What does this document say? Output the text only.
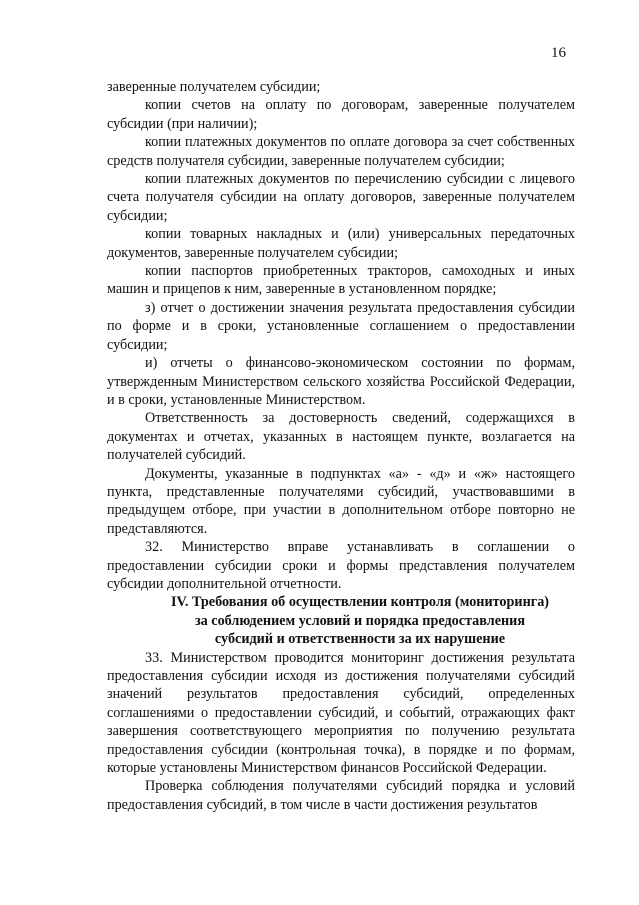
16

заверенные получателем субсидии;

копии счетов на оплату по договорам, заверенные получателем субсидии (при наличии);

копии платежных документов по оплате договора за счет собственных средств получателя субсидии, заверенные получателем субсидии;

копии платежных документов по перечислению субсидии с лицевого счета получателя субсидии на оплату договоров, заверенные получателем субсидии;

копии товарных накладных и (или) универсальных передаточных документов, заверенные получателем субсидии;

копии паспортов приобретенных тракторов, самоходных и иных машин и прицепов к ним, заверенные в установленном порядке;

з) отчет о достижении значения результата предоставления субсидии по форме и в сроки, установленные соглашением о предоставлении субсидии;

и) отчеты о финансово-экономическом состоянии по формам, утвержденным Министерством сельского хозяйства Российской Федерации, и в сроки, установленные Министерством.

Ответственность за достоверность сведений, содержащихся в документах и отчетах, указанных в настоящем пункте, возлагается на получателей субсидий.

Документы, указанные в подпунктах «а» - «д» и «ж» настоящего пункта, представленные получателями субсидий, участвовавшими в предыдущем отборе, при участии в дополнительном отборе повторно не представляются.

32. Министерство вправе устанавливать в соглашении о предоставлении субсидии сроки и формы представления получателем субсидии дополнительной отчетности.

IV. Требования об осуществлении контроля (мониторинга)
за соблюдением условий и порядка предоставления
субсидий и ответственности за их нарушение

33. Министерством проводится мониторинг достижения результата предоставления субсидии исходя из достижения получателями субсидий значений результатов предоставления субсидий, определенных соглашениями о предоставлении субсидий, и событий, отражающих факт завершения соответствующего мероприятия по получению результата предоставления субсидии (контрольная точка), в порядке и по формам, которые установлены Министерством финансов Российской Федерации.

Проверка соблюдения получателями субсидий порядка и условий предоставления субсидий, в том числе в части достижения результатов
